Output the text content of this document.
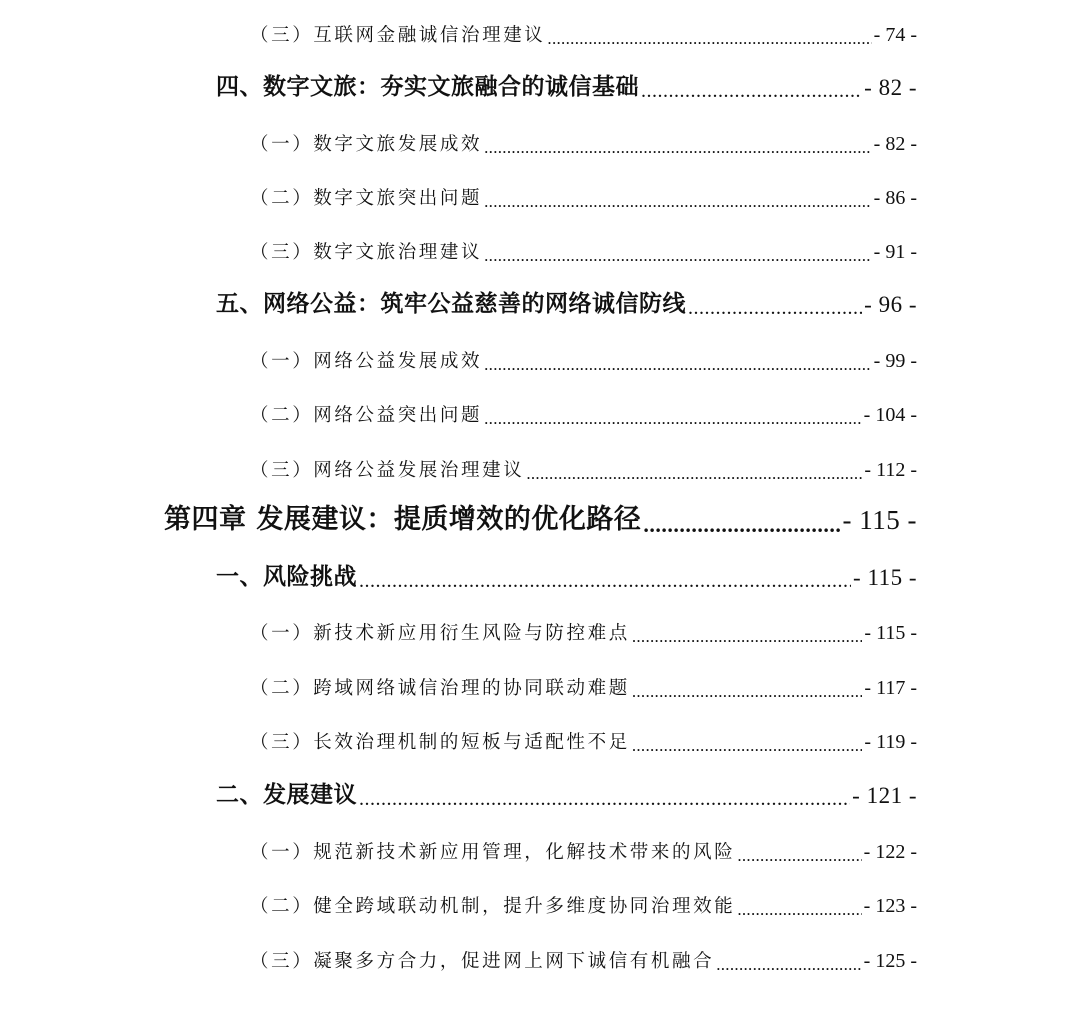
（三）互联网金融诚信治理建议 .....	- 74 -
四、数字文旅：夯实文旅融合的诚信基础 .....	- 82 -
（一）数字文旅发展成效 .....	- 82 -
（二）数字文旅突出问题 .....	- 86 -
（三）数字文旅治理建议 .....	- 91 -
五、网络公益：筑牢公益慈善的网络诚信防线 .....	- 96 -
（一）网络公益发展成效 .....	- 99 -
（二）网络公益突出问题 .....	- 104 -
（三）网络公益发展治理建议 .....	- 112 -
第四章 发展建议：提质增效的优化路径 .....	- 115 -
一、风险挑战 .....	- 115 -
（一）新技术新应用衍生风险与防控难点 .....	- 115 -
（二）跨域网络诚信治理的协同联动难题 .....	- 117 -
（三）长效治理机制的短板与适配性不足 .....	- 119 -
二、发展建议 .....	- 121 -
（一）规范新技术新应用管理，化解技术带来的风险 .....	- 122 -
（二）健全跨域联动机制，提升多维度协同治理效能 .....	- 123 -
（三）凝聚多方合力，促进网上网下诚信有机融合 .....	- 125 -
